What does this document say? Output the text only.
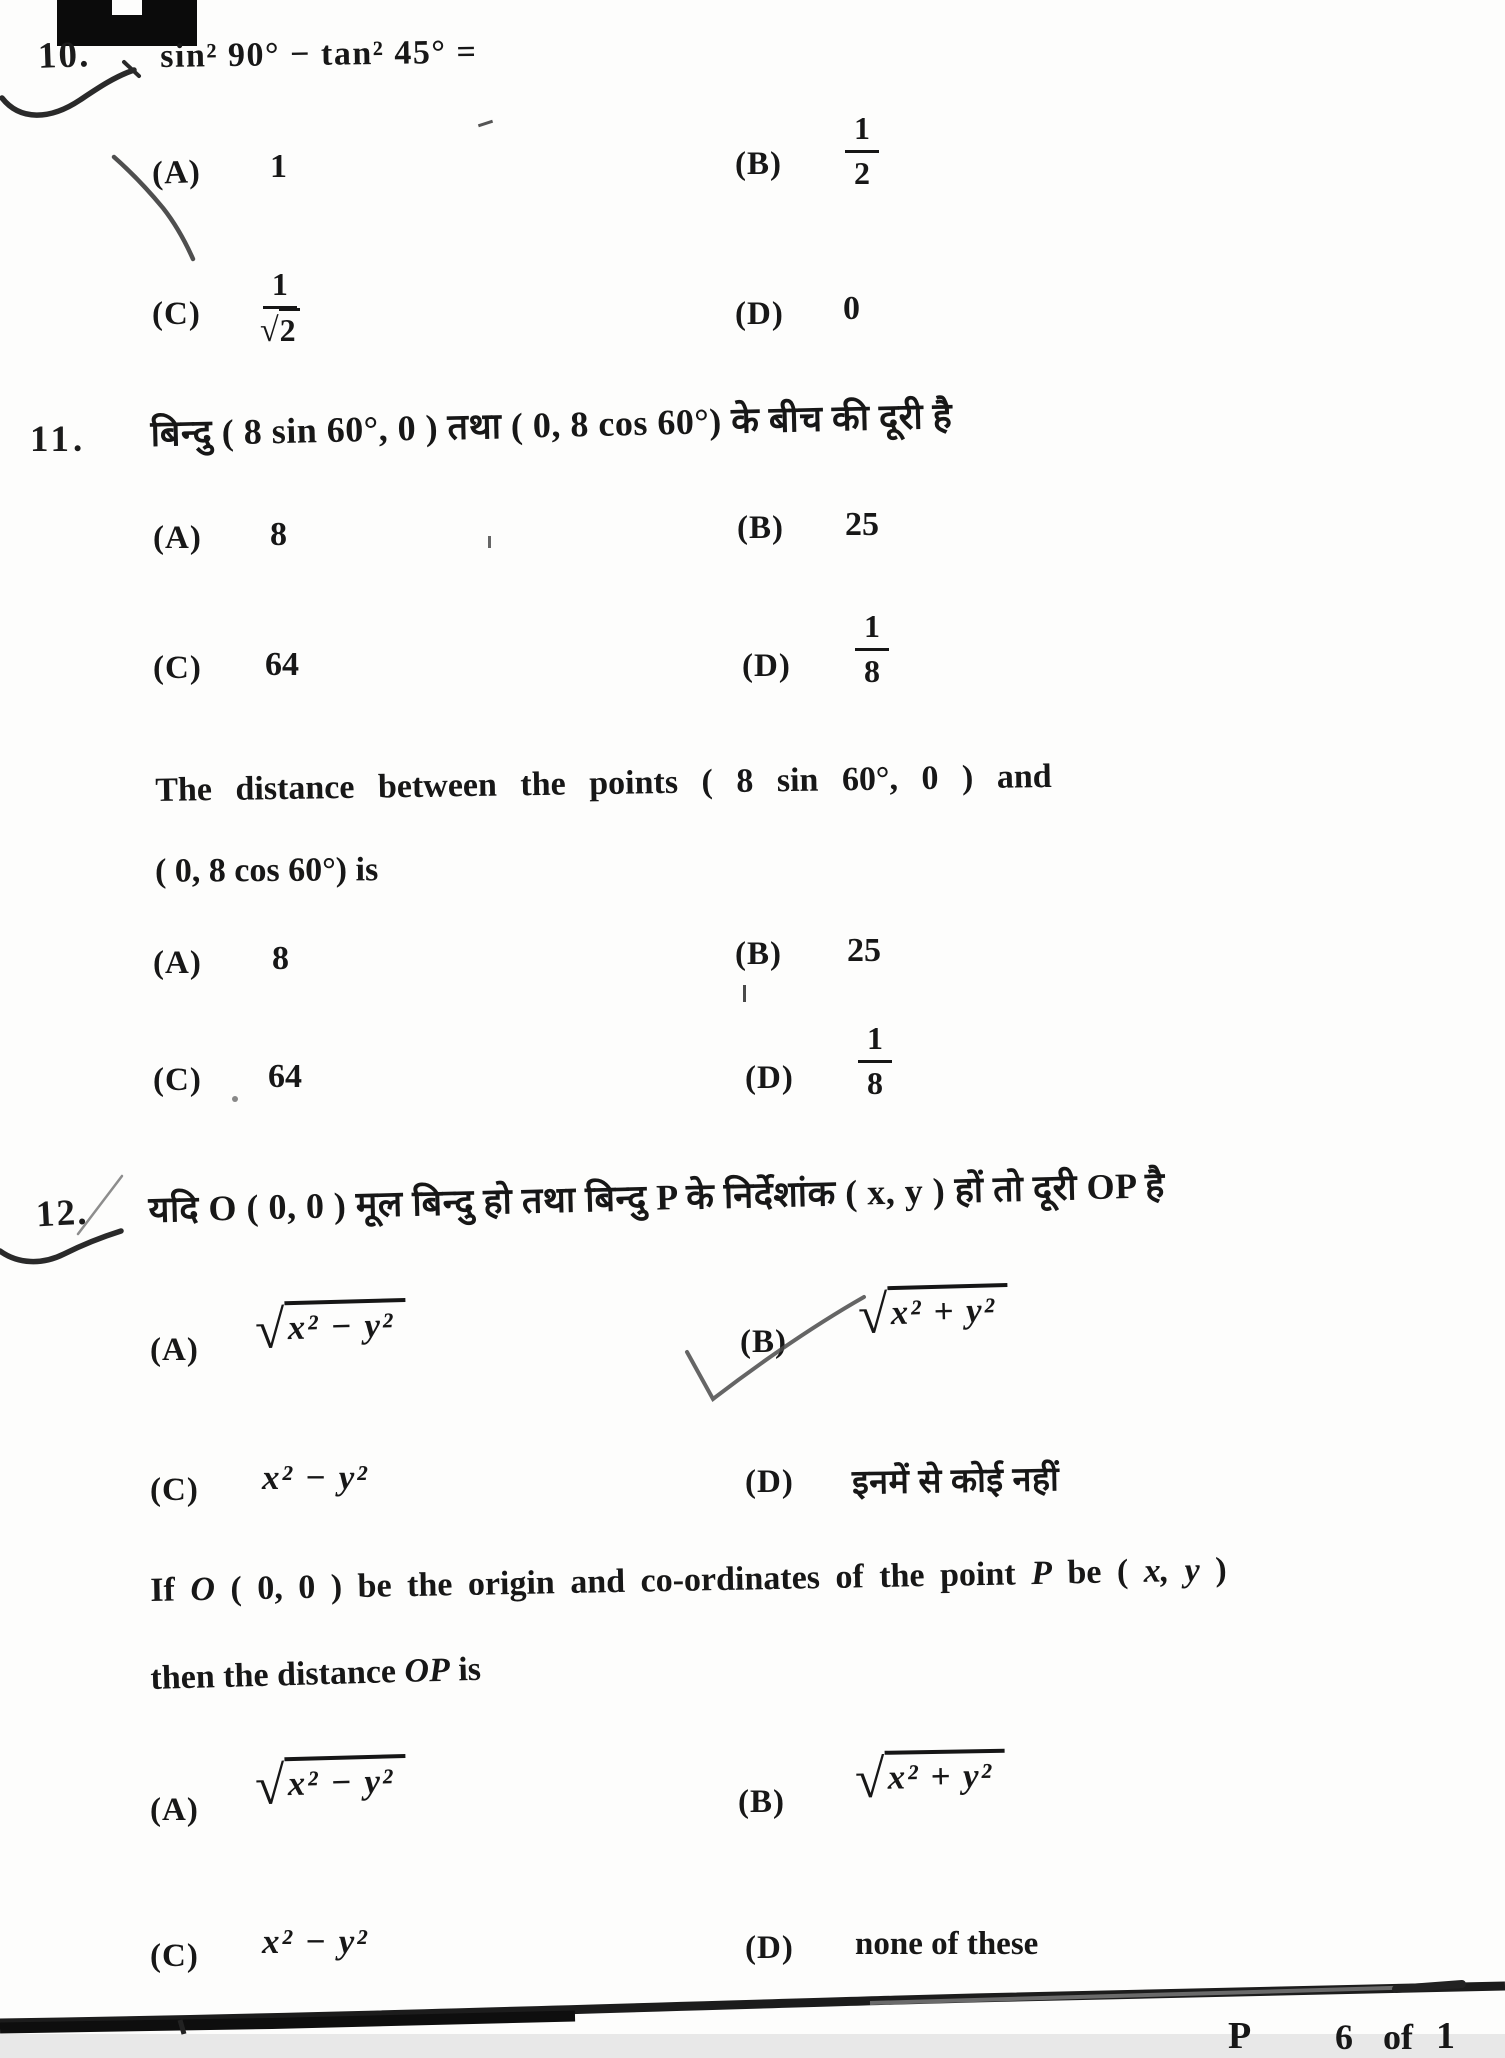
10. sin² 90° − tan² 45° =
(A) 1	$(B) \frac{1}{2}$
$(C) \frac{1}{√2}$	(D) 0
11. बिन्दु ( 8 sin 60°, 0 ) तथा ( 0, 8 cos 60°) के बीच की दूरी है
(A) 8	(B) 25
(C) 64	$(D) \frac{1}{8}$
The distance between the points ( 8 sin 60°, 0 ) and
( 0, 8 cos 60°) is
(A) 8	(B) 25
(C) 64	$(D) \frac{1}{8}$
12. यदि O ( 0, 0 ) मूल बिन्दु हो तथा बिन्दु P के निर्देशांक ( x, y ) हों तो दूरी OP है
(A) √ x² − y²	(B) √ x² + y²
(C) x² − y²	(D) इनमें से कोई नहीं
If O ( 0, 0 ) be the origin and co-ordinates of the point P be ( x, y )
then the distance OP is
(A) √ x² − y²	(B) √ x² + y²
(C) x² − y²	(D) none of these
P 6 of 1
